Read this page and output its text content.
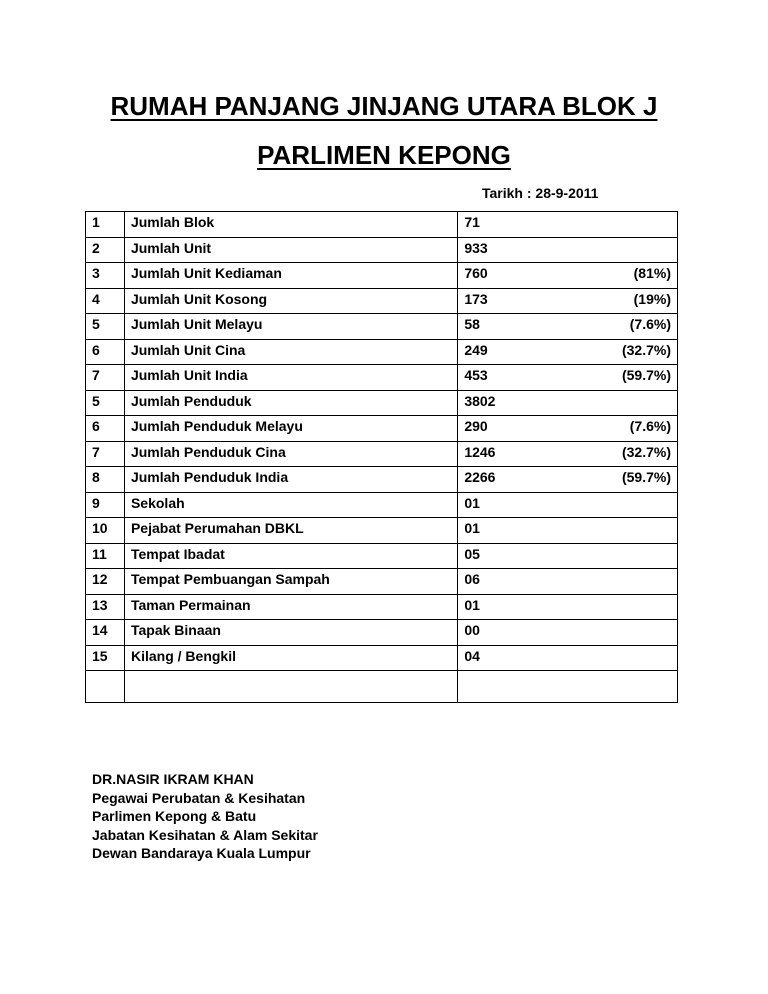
RUMAH PANJANG JINJANG UTARA BLOK J
PARLIMEN KEPONG
Tarikh : 28-9-2011
1	Jumlah Blok	71

2	Jumlah Unit	933

3	Jumlah Unit Kediaman	760 (81%)

4	Jumlah Unit Kosong	173 (19%)

5	Jumlah Unit Melayu	58 (7.6%)

6	Jumlah Unit Cina	249 (32.7%)

7	Jumlah Unit India	453 (59.7%)

5	Jumlah Penduduk	3802

6	Jumlah Penduduk Melayu	290 (7.6%)

7	Jumlah Penduduk Cina	1246 (32.7%)

8	Jumlah Penduduk India	2266 (59.7%)

9	Sekolah	01

10	Pejabat Perumahan DBKL	01

11	Tempat Ibadat	05

12	Tempat Pembuangan Sampah	06

13	Taman Permainan	01

14	Tapak Binaan	00

15	Kilang / Bengkil	04

DR.NASIR IKRAM KHAN
Pegawai Perubatan & Kesihatan
Parlimen Kepong & Batu
Jabatan Kesihatan & Alam Sekitar
Dewan Bandaraya Kuala Lumpur
